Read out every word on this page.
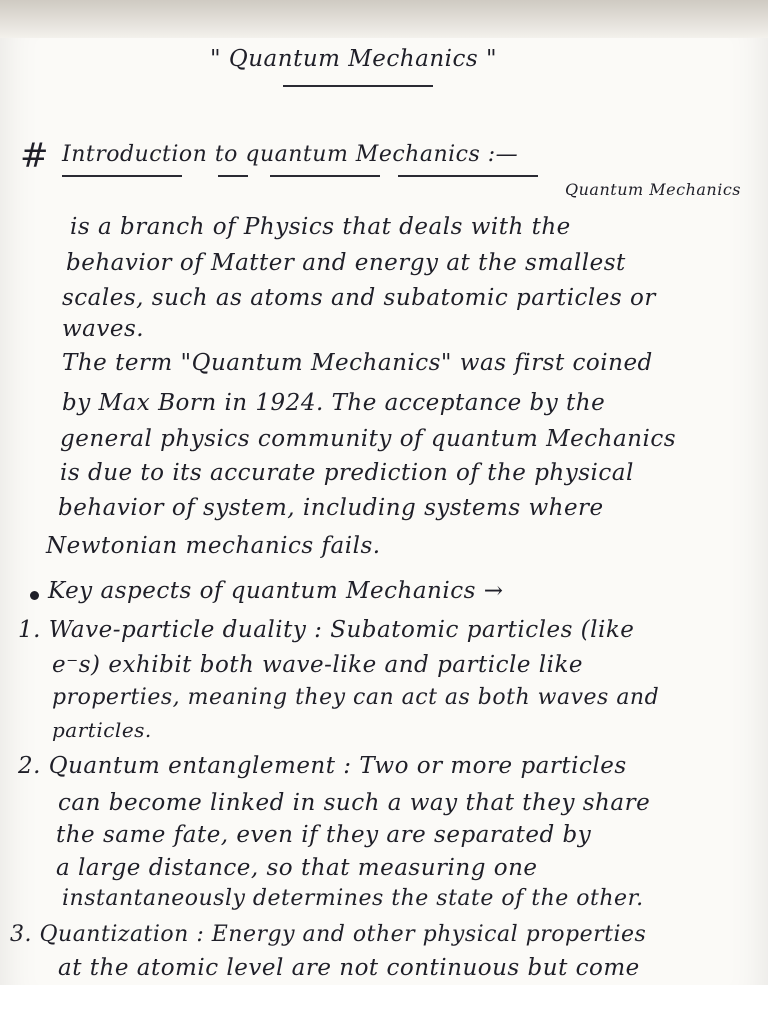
" Quantum Mechanics "
# Introduction to quantum Mechanics :—
Quantum Mechanics
is a branch of Physics that deals with the
behavior of Matter and energy at the smallest
scales, such as atoms and subatomic particles or
waves.
The term "Quantum Mechanics" was first coined
by Max Born in 1924. The acceptance by the
general physics community of quantum Mechanics
is due to its accurate prediction of the physical
behavior of system, including systems where
Newtonian mechanics fails.
Key aspects of quantum Mechanics →
1. Wave-particle duality : Subatomic particles (like
e⁻s) exhibit both wave-like and particle like
properties, meaning they can act as both waves and
particles.
2. Quantum entanglement : Two or more particles
can become linked in such a way that they share
the same fate, even if they are separated by
a large distance, so that measuring one
instantaneously determines the state of the other.
3. Quantization : Energy and other physical properties
at the atomic level are not continuous but come
